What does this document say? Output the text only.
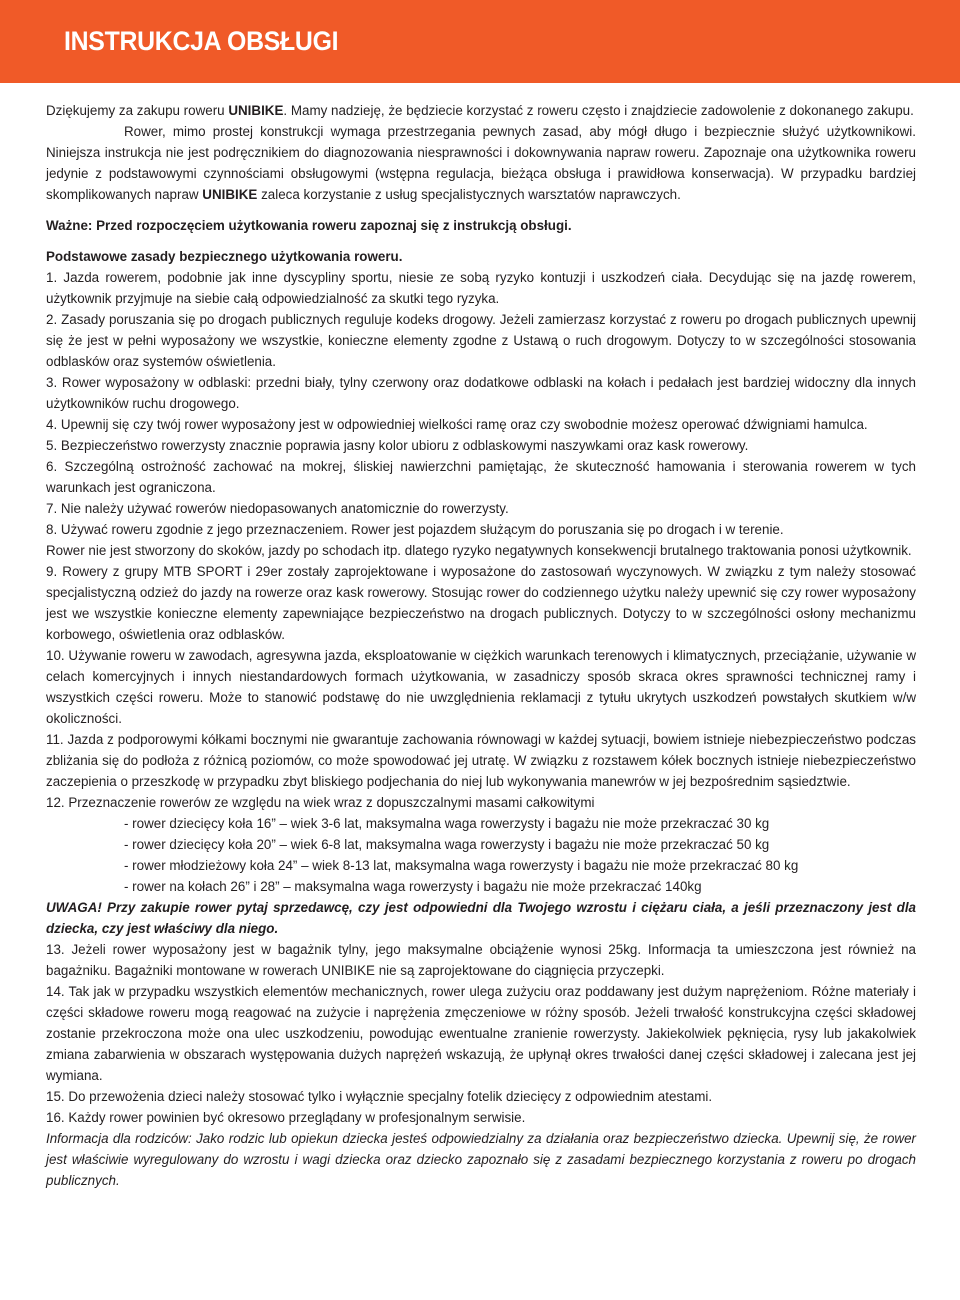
INSTRUKCJA OBSŁUGI

Dziękujemy za zakupu roweru UNIBIKE. Mamy nadzieję, że będziecie korzystać z roweru często i znajdziecie zadowolenie z dokonanego zakupu.

Rower, mimo prostej konstrukcji wymaga przestrzegania pewnych zasad, aby mógł długo i bezpiecznie służyć użytkownikowi. Niniejsza instrukcja nie jest podręcznikiem do diagnozowania niesprawności i dokownywania napraw roweru. Zapoznaje ona użytkownika roweru jedynie z podstawowymi czynnościami obsługowymi (wstępna regulacja, bieżąca obsługa i prawidłowa konserwacja). W przypadku bardziej skomplikowanych napraw UNIBIKE zaleca korzystanie z usług specjalistycznych warsztatów naprawczych.

Ważne: Przed rozpoczęciem użytkowania roweru zapoznaj się z instrukcją obsługi.

Podstawowe zasady bezpiecznego użytkowania roweru.

1. Jazda rowerem, podobnie jak inne dyscypliny sportu, niesie ze sobą ryzyko kontuzji i uszkodzeń ciała. Decydując się na jazdę rowerem, użytkownik przyjmuje na siebie całą odpowiedzialność za skutki tego ryzyka.

2. Zasady poruszania się po drogach publicznych reguluje kodeks drogowy. Jeżeli zamierzasz korzystać z roweru po drogach publicznych upewnij się że jest w pełni wyposażony we wszystkie, konieczne elementy zgodne z Ustawą o ruch drogowym. Dotyczy to w szczególności stosowania odblasków oraz systemów oświetlenia.

3. Rower wyposażony w odblaski: przedni biały, tylny czerwony oraz dodatkowe odblaski na kołach i pedałach jest bardziej widoczny dla innych użytkowników ruchu drogowego.

4. Upewnij się czy twój rower wyposażony jest w odpowiedniej wielkości ramę oraz czy swobodnie możesz operować dźwigniami hamulca.

5. Bezpieczeństwo rowerzysty znacznie poprawia jasny kolor ubioru z odblaskowymi naszywkami oraz kask rowerowy.

6. Szczególną ostrożność zachować na mokrej, śliskiej nawierzchni pamiętając, że skuteczność hamowania i sterowania rowerem w tych warunkach jest ograniczona.

7. Nie należy używać rowerów niedopasowanych anatomicznie do rowerzysty.

8. Używać roweru zgodnie z jego przeznaczeniem. Rower jest pojazdem służącym do poruszania się po drogach i w terenie.

Rower nie jest stworzony do skoków, jazdy po schodach itp. dlatego ryzyko negatywnych konsekwencji brutalnego traktowania ponosi użytkownik.

9. Rowery z grupy MTB SPORT i 29er zostały zaprojektowane i wyposażone do zastosowań wyczynowych. W związku z tym należy stosować specjalistyczną odzież do jazdy na rowerze oraz kask rowerowy. Stosując rower do codziennego użytku należy upewnić się czy rower wyposażony jest we wszystkie konieczne elementy zapewniające bezpieczeństwo na drogach publicznych. Dotyczy to w szczególności osłony mechanizmu korbowego, oświetlenia oraz odblasków.

10. Używanie roweru w zawodach, agresywna jazda, eksploatowanie w ciężkich warunkach terenowych i klimatycznych, przeciążanie, używanie w celach komercyjnych i innych niestandardowych formach użytkowania, w zasadniczy sposób skraca okres sprawności technicznej ramy i wszystkich części roweru. Może to stanowić podstawę do nie uwzględnienia reklamacji z tytułu ukrytych uszkodzeń powstałych skutkiem w/w okoliczności.

11. Jazda z podporowymi kółkami bocznymi nie gwarantuje zachowania równowagi w każdej sytuacji, bowiem istnieje niebezpieczeństwo podczas zbliżania się do podłoża z różnicą poziomów, co może spowodować jej utratę. W związku z rozstawem kółek bocznych istnieje niebezpieczeństwo zaczepienia o przeszkodę w przypadku zbyt bliskiego podjechania do niej lub wykonywania manewrów w jej bezpośrednim sąsiedztwie.

12. Przeznaczenie rowerów ze względu na wiek wraz z dopuszczalnymi masami całkowitymi

- rower dziecięcy koła 16” – wiek 3-6 lat, maksymalna waga rowerzysty i bagażu nie może przekraczać 30 kg

- rower dziecięcy koła 20” – wiek 6-8 lat, maksymalna waga rowerzysty i bagażu nie może przekraczać 50 kg

- rower młodzieżowy koła 24” – wiek 8-13 lat, maksymalna waga rowerzysty i bagażu nie może przekraczać 80 kg

- rower na kołach 26” i 28” – maksymalna waga rowerzysty i bagażu nie może przekraczać 140kg

UWAGA! Przy zakupie rower pytaj sprzedawcę, czy jest odpowiedni dla Twojego wzrostu i ciężaru ciała, a jeśli przeznaczony jest dla dziecka, czy jest właściwy dla niego.

13. Jeżeli rower wyposażony jest w bagażnik tylny, jego maksymalne obciążenie wynosi 25kg. Informacja ta umieszczona jest również na bagażniku. Bagażniki montowane w rowerach UNIBIKE nie są zaprojektowane do ciągnięcia przyczepki.

14. Tak jak w przypadku wszystkich elementów mechanicznych, rower ulega zużyciu oraz poddawany jest dużym naprężeniom. Różne materiały i części składowe roweru mogą reagować na zużycie i naprężenia zmęczeniowe w różny sposób. Jeżeli trwałość konstrukcyjna części składowej zostanie przekroczona może ona ulec uszkodzeniu, powodując ewentualne zranienie rowerzysty. Jakiekolwiek pęknięcia, rysy lub jakakolwiek zmiana zabarwienia w obszarach występowania dużych naprężeń wskazują, że upłynął okres trwałości danej części składowej i zalecana jest jej wymiana.

15. Do przewożenia dzieci należy stosować tylko i wyłącznie specjalny fotelik dziecięcy z odpowiednim atestami.

16. Każdy rower powinien być okresowo przeglądany w profesjonalnym serwisie.

Informacja dla rodziców: Jako rodzic lub opiekun dziecka jesteś odpowiedzialny za działania oraz bezpieczeństwo dziecka. Upewnij się, że rower jest właściwie wyregulowany do wzrostu i wagi dziecka oraz dziecko zapoznało się z zasadami bezpiecznego korzystania z roweru po drogach publicznych.
